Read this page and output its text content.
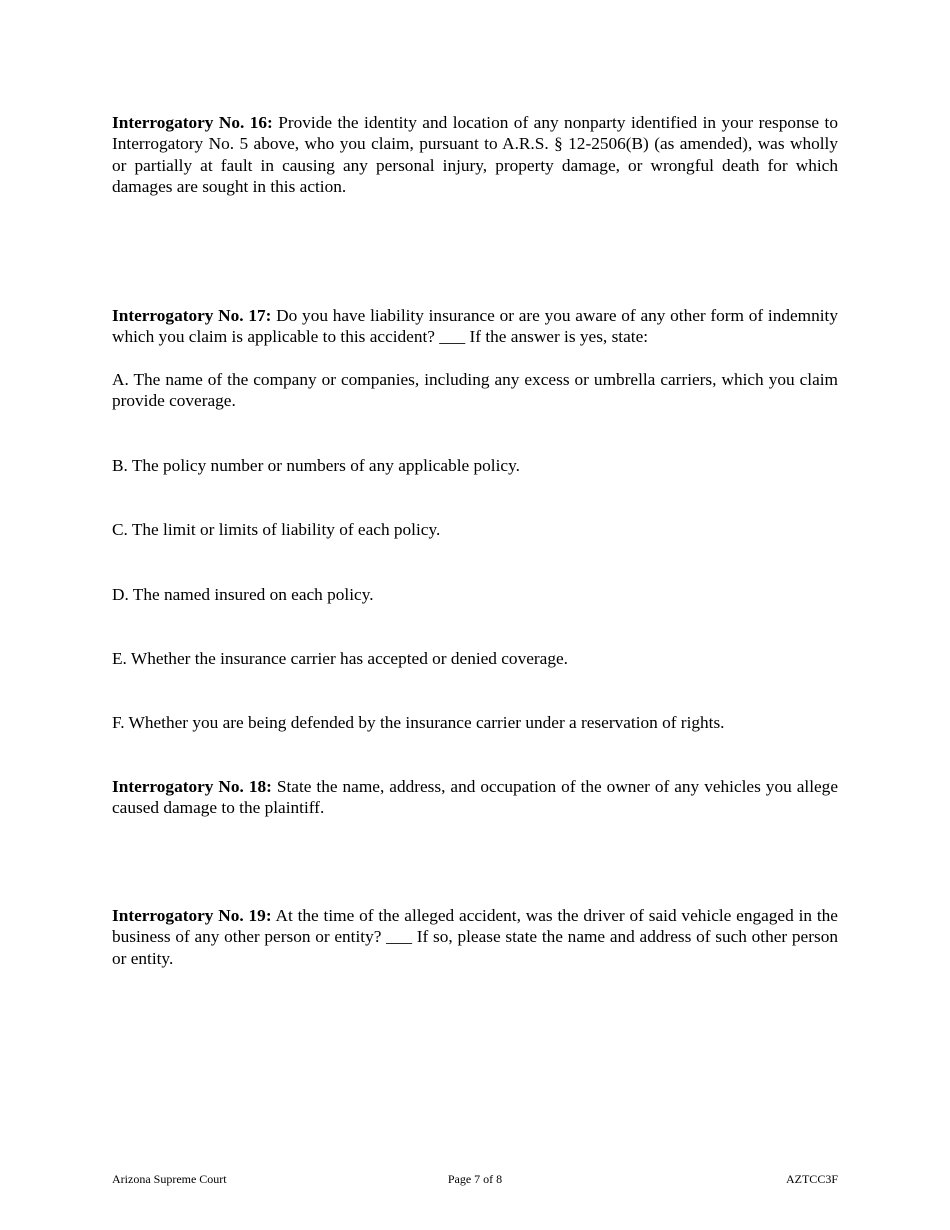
Interrogatory No. 16: Provide the identity and location of any nonparty identified in your response to Interrogatory No. 5 above, who you claim, pursuant to A.R.S. § 12-2506(B) (as amended), was wholly or partially at fault in causing any personal injury, property damage, or wrongful death for which damages are sought in this action.

Interrogatory No. 17: Do you have liability insurance or are you aware of any other form of indemnity which you claim is applicable to this accident? ___ If the answer is yes, state:

A. The name of the company or companies, including any excess or umbrella carriers, which you claim provide coverage.

B. The policy number or numbers of any applicable policy.

C. The limit or limits of liability of each policy.

D. The named insured on each policy.

E. Whether the insurance carrier has accepted or denied coverage.

F. Whether you are being defended by the insurance carrier under a reservation of rights.

Interrogatory No. 18: State the name, address, and occupation of the owner of any vehicles you allege caused damage to the plaintiff.

Interrogatory No. 19: At the time of the alleged accident, was the driver of said vehicle engaged in the business of any other person or entity? ___ If so, please state the name and address of such other person or entity.

Arizona Supreme Court	Page 7 of 8	AZTCC3F
